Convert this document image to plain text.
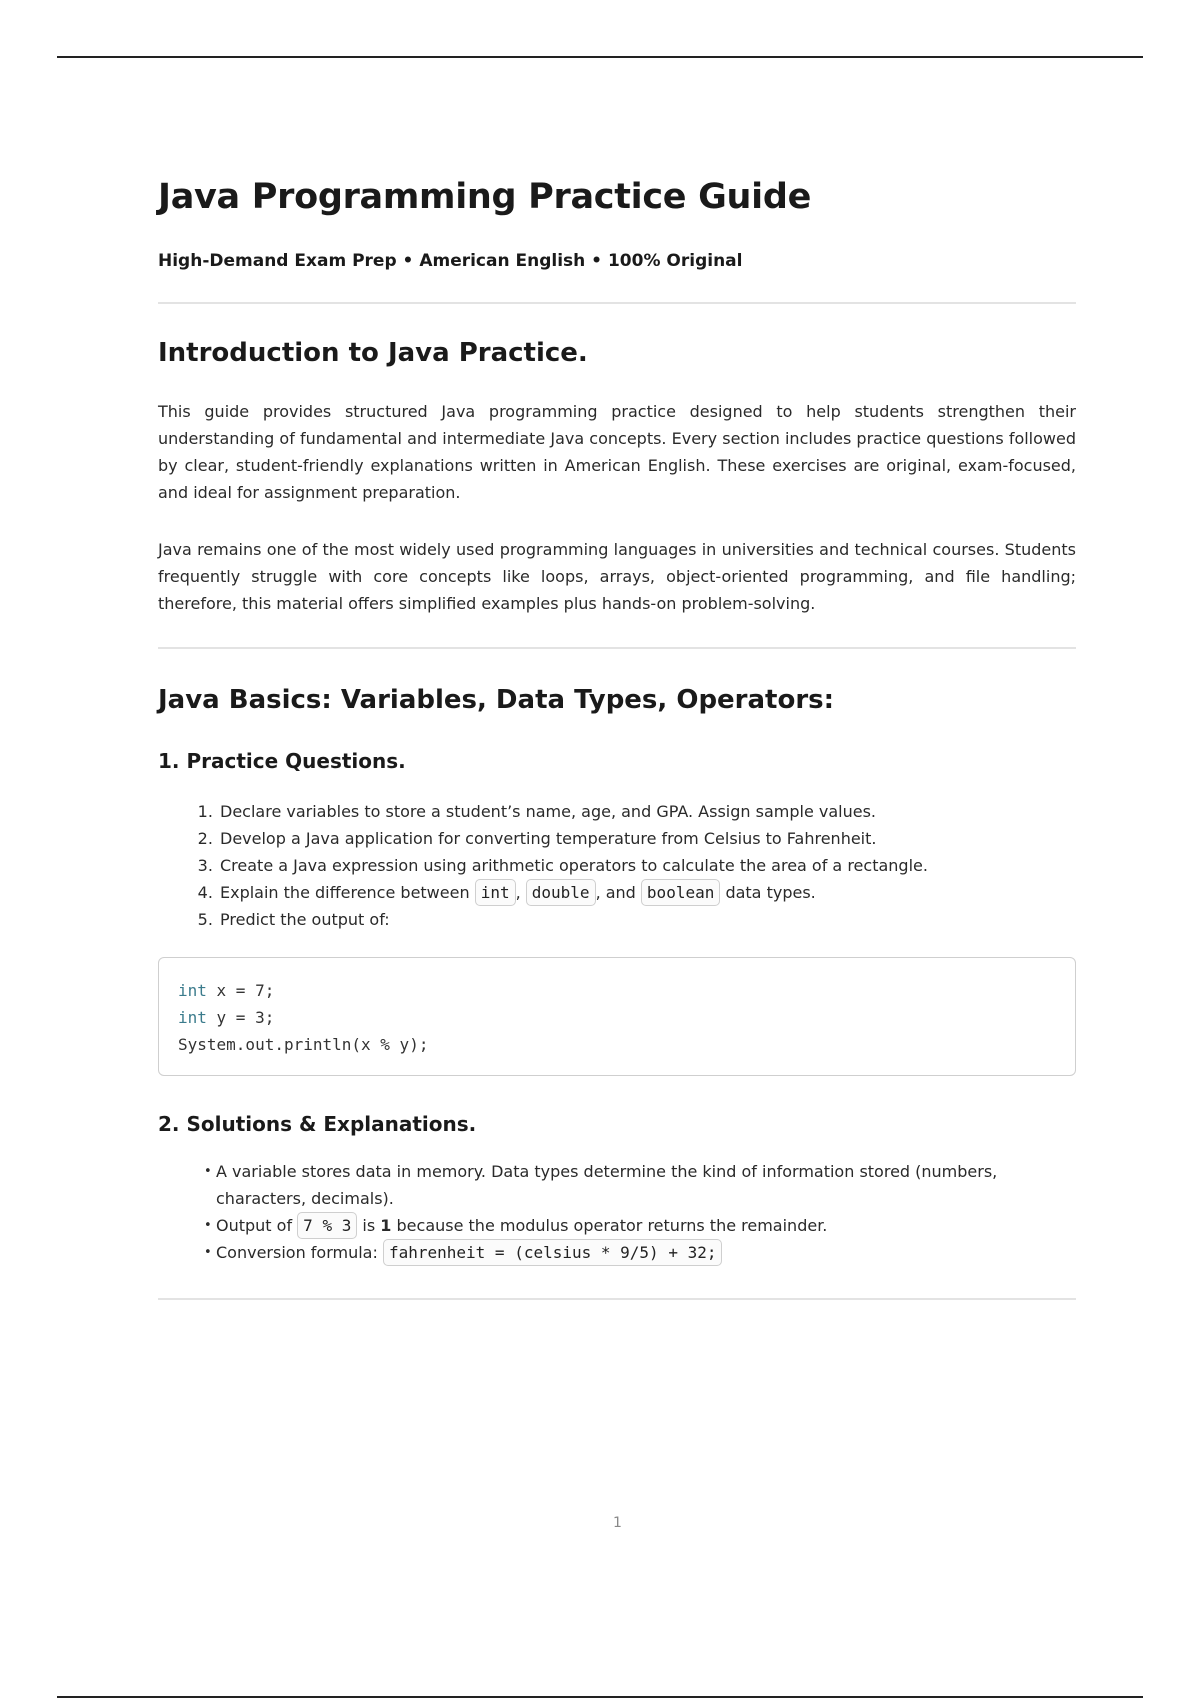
Java Programming Practice Guide
High-Demand Exam Prep • American English • 100% Original
Introduction to Java Practice.

This guide provides structured Java programming practice designed to help students strengthen their understanding of fundamental and intermediate Java concepts. Every section includes practice questions followed by clear, student-friendly explanations written in American English. These exercises are original, exam-focused, and ideal for assignment preparation.

Java remains one of the most widely used programming languages in universities and technical courses. Students frequently struggle with core concepts like loops, arrays, object-oriented programming, and file handling; therefore, this material offers simplified examples plus hands-on problem-solving.

Java Basics: Variables, Data Types, Operators:
1. Practice Questions.
1. Declare variables to store a student’s name, age, and GPA. Assign sample values.
2. Develop a Java application for converting temperature from Celsius to Fahrenheit.
3. Create a Java expression using arithmetic operators to calculate the area of a rectangle.
4. Explain the difference between int , double , and boolean data types.
5. Predict the output of:
int x = 7;
int y = 3;
System.out.println(x % y);
2. Solutions & Explanations.
• A variable stores data in memory. Data types determine the kind of information stored (numbers, characters, decimals).
• Output of 7 % 3 is 1 because the modulus operator returns the remainder.
• Conversion formula: fahrenheit = (celsius * 9/5) + 32;
1
